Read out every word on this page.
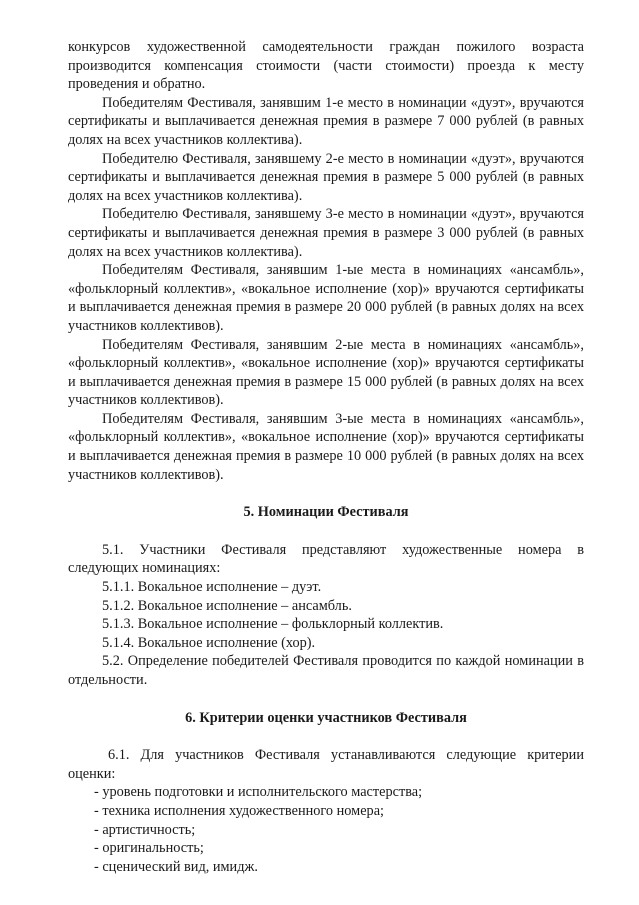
конкурсов художественной самодеятельности граждан пожилого возраста производится компенсация стоимости (части стоимости) проезда к месту проведения и обратно.

Победителям Фестиваля, занявшим 1-е место в номинации «дуэт», вручаются сертификаты и выплачивается денежная премия в размере 7 000 рублей (в равных долях на всех участников коллектива).

Победителю Фестиваля, занявшему 2-е место в номинации «дуэт», вручаются сертификаты и выплачивается денежная премия в размере 5 000 рублей (в равных долях на всех участников коллектива).

Победителю Фестиваля, занявшему 3-е место в номинации «дуэт», вручаются сертификаты и выплачивается денежная премия в размере 3 000 рублей (в равных долях на всех участников коллектива).

Победителям Фестиваля, занявшим 1-ые места в номинациях «ансамбль», «фольклорный коллектив», «вокальное исполнение (хор)» вручаются сертификаты и выплачивается денежная премия в размере 20 000 рублей (в равных долях на всех участников коллективов).

Победителям Фестиваля, занявшим 2-ые места в номинациях «ансамбль», «фольклорный коллектив», «вокальное исполнение (хор)» вручаются сертификаты и выплачивается денежная премия в размере 15 000 рублей (в равных долях на всех участников коллективов).

Победителям Фестиваля, занявшим 3-ые места в номинациях «ансамбль», «фольклорный коллектив», «вокальное исполнение (хор)» вручаются сертификаты и выплачивается денежная премия в размере 10 000 рублей (в равных долях на всех участников коллективов).

5. Номинации Фестиваля

5.1. Участники Фестиваля представляют художественные номера в следующих номинациях:

5.1.1. Вокальное исполнение – дуэт.

5.1.2. Вокальное исполнение – ансамбль.

5.1.3. Вокальное исполнение – фольклорный коллектив.

5.1.4. Вокальное исполнение (хор).

5.2. Определение победителей Фестиваля проводится по каждой номинации в отдельности.

6. Критерии оценки участников Фестиваля

6.1. Для участников Фестиваля устанавливаются следующие критерии оценки:

- уровень подготовки и исполнительского мастерства;
- техника исполнения художественного номера;
- артистичность;
- оригинальность;
- сценический вид, имидж.
